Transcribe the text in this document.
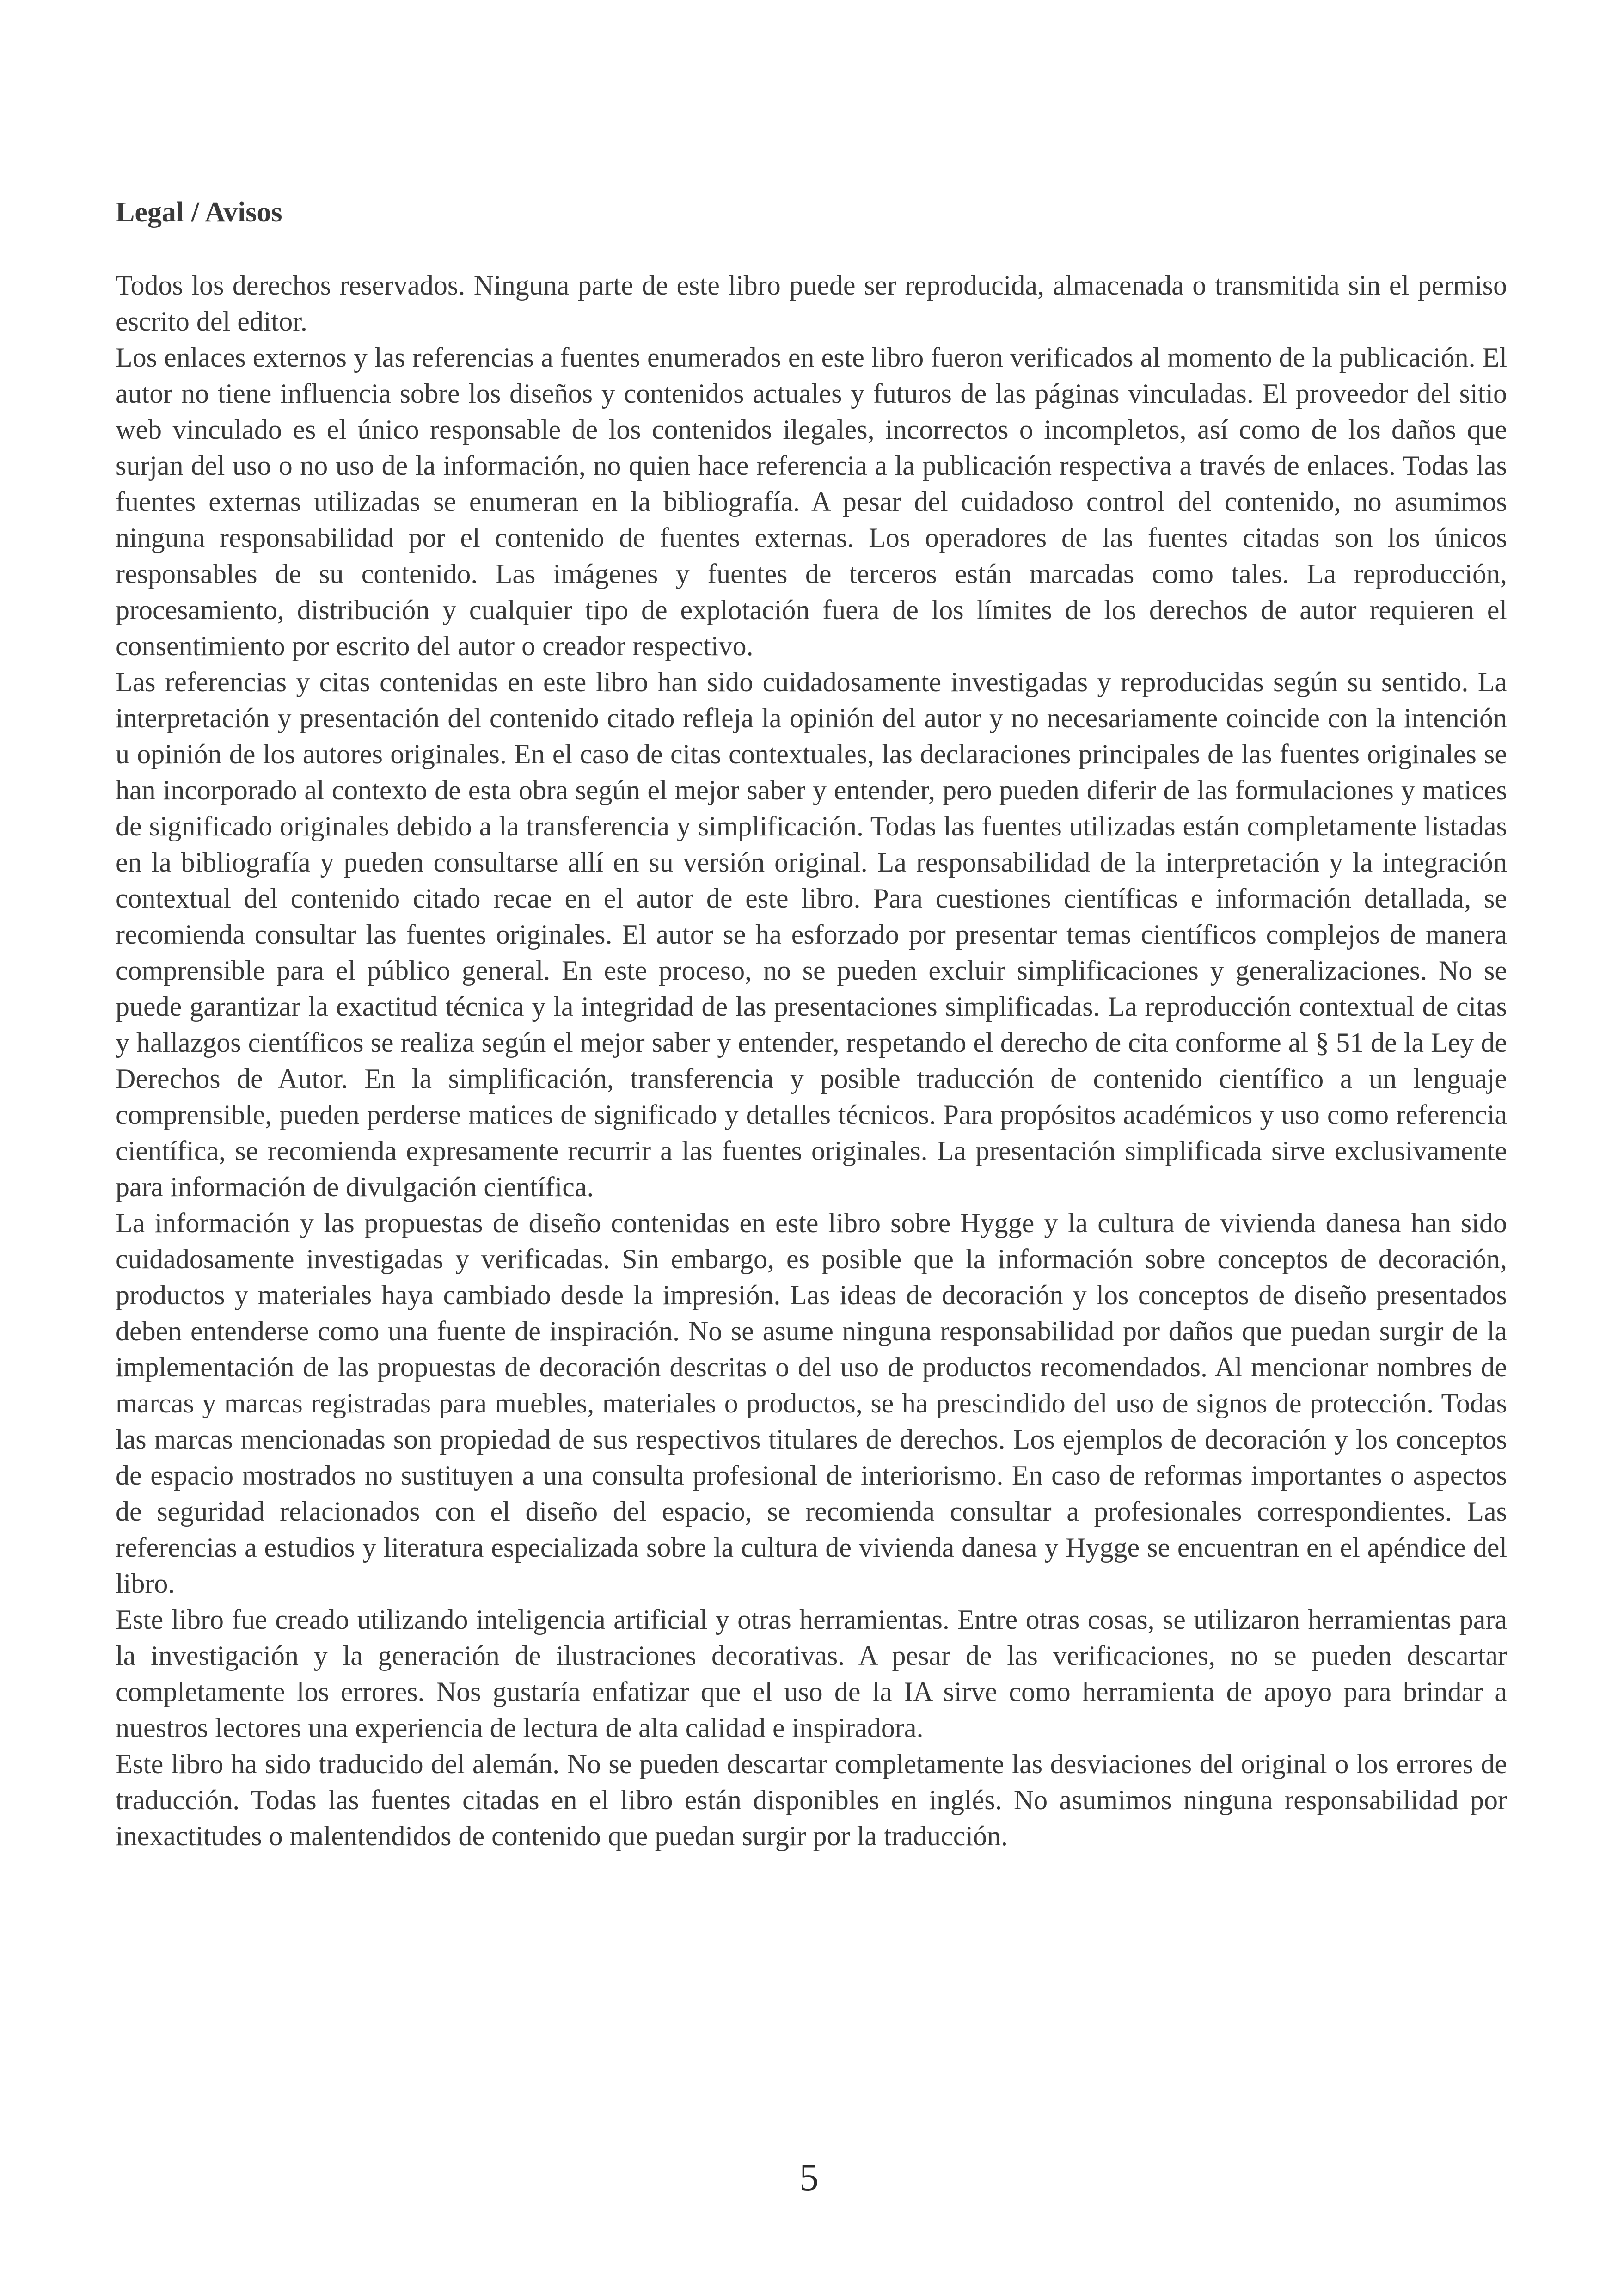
Legal / Avisos

Todos los derechos reservados. Ninguna parte de este libro puede ser reproducida, almacenada o transmitida sin el permiso escrito del editor.

Los enlaces externos y las referencias a fuentes enumerados en este libro fueron verificados al momento de la publicación. El autor no tiene influencia sobre los diseños y contenidos actuales y futuros de las páginas vinculadas. El proveedor del sitio web vinculado es el único responsable de los contenidos ilegales, incorrectos o incompletos, así como de los daños que surjan del uso o no uso de la información, no quien hace referencia a la publicación respectiva a través de enlaces. Todas las fuentes externas utilizadas se enumeran en la bibliografía. A pesar del cuidadoso control del contenido, no asumimos ninguna responsabilidad por el contenido de fuentes externas. Los operadores de las fuentes citadas son los únicos responsables de su contenido. Las imágenes y fuentes de terceros están marcadas como tales. La reproducción, procesamiento, distribución y cualquier tipo de explotación fuera de los límites de los derechos de autor requieren el consentimiento por escrito del autor o creador respectivo.

Las referencias y citas contenidas en este libro han sido cuidadosamente investigadas y reproducidas según su sentido. La interpretación y presentación del contenido citado refleja la opinión del autor y no necesariamente coincide con la intención u opinión de los autores originales. En el caso de citas contextuales, las declaraciones principales de las fuentes originales se han incorporado al contexto de esta obra según el mejor saber y entender, pero pueden diferir de las formulaciones y matices de significado originales debido a la transferencia y simplificación. Todas las fuentes utilizadas están completamente listadas en la bibliografía y pueden consultarse allí en su versión original. La responsabilidad de la interpretación y la integración contextual del contenido citado recae en el autor de este libro. Para cuestiones científicas e información detallada, se recomienda consultar las fuentes originales. El autor se ha esforzado por presentar temas científicos complejos de manera comprensible para el público general. En este proceso, no se pueden excluir simplificaciones y generalizaciones. No se puede garantizar la exactitud técnica y la integridad de las presentaciones simplificadas. La reproducción contextual de citas y hallazgos científicos se realiza según el mejor saber y entender, respetando el derecho de cita conforme al § 51 de la Ley de Derechos de Autor. En la simplificación, transferencia y posible traducción de contenido científico a un lenguaje comprensible, pueden perderse matices de significado y detalles técnicos. Para propósitos académicos y uso como referencia científica, se recomienda expresamente recurrir a las fuentes originales. La presentación simplificada sirve exclusivamente para información de divulgación científica.

La información y las propuestas de diseño contenidas en este libro sobre Hygge y la cultura de vivienda danesa han sido cuidadosamente investigadas y verificadas. Sin embargo, es posible que la información sobre conceptos de decoración, productos y materiales haya cambiado desde la impresión. Las ideas de decoración y los conceptos de diseño presentados deben entenderse como una fuente de inspiración. No se asume ninguna responsabilidad por daños que puedan surgir de la implementación de las propuestas de decoración descritas o del uso de productos recomendados. Al mencionar nombres de marcas y marcas registradas para muebles, materiales o productos, se ha prescindido del uso de signos de protección. Todas las marcas mencionadas son propiedad de sus respectivos titulares de derechos. Los ejemplos de decoración y los conceptos de espacio mostrados no sustituyen a una consulta profesional de interiorismo. En caso de reformas importantes o aspectos de seguridad relacionados con el diseño del espacio, se recomienda consultar a profesionales correspondientes. Las referencias a estudios y literatura especializada sobre la cultura de vivienda danesa y Hygge se encuentran en el apéndice del libro.

Este libro fue creado utilizando inteligencia artificial y otras herramientas. Entre otras cosas, se utilizaron herramientas para la investigación y la generación de ilustraciones decorativas. A pesar de las verificaciones, no se pueden descartar completamente los errores. Nos gustaría enfatizar que el uso de la IA sirve como herramienta de apoyo para brindar a nuestros lectores una experiencia de lectura de alta calidad e inspiradora.

Este libro ha sido traducido del alemán. No se pueden descartar completamente las desviaciones del original o los errores de traducción. Todas las fuentes citadas en el libro están disponibles en inglés. No asumimos ninguna responsabilidad por inexactitudes o malentendidos de contenido que puedan surgir por la traducción.

5
